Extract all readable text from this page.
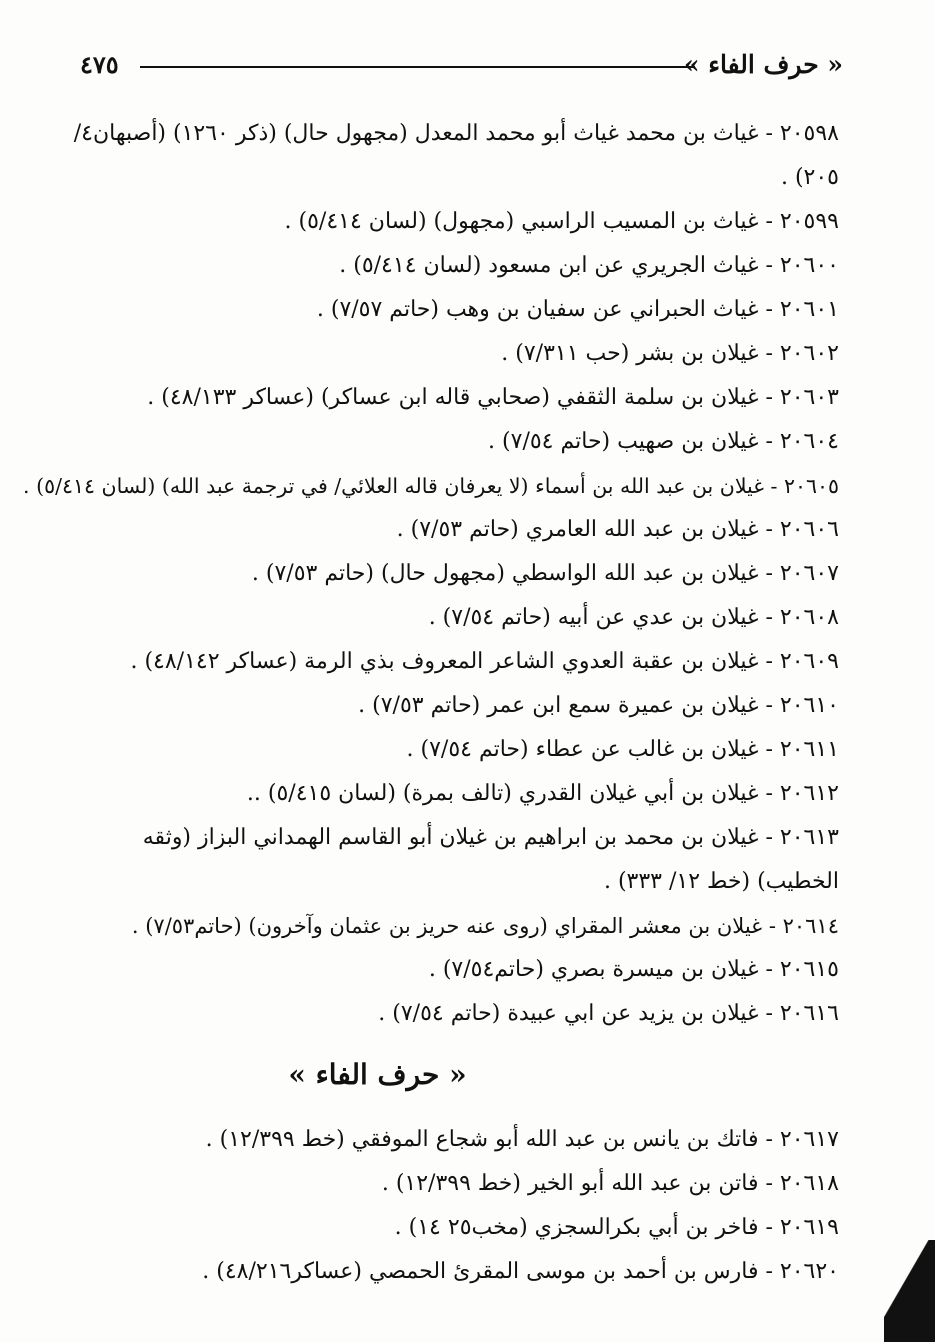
« حرف الفاء »
٤٧٥
٢٠٥٩٨ - غياث بن محمد غياث أبو محمد المعدل (مجهول حال) (ذكر ١٢٦٠) (أصبهان٤/ ٢٠٥) .
٢٠٥٩٩ - غياث بن المسيب الراسبي (مجهول) (لسان ٥/٤١٤) .
٢٠٦٠٠ - غياث الجريري عن ابن مسعود (لسان ٥/٤١٤) .
٢٠٦٠١ - غياث الحبراني عن سفيان بن وهب (حاتم ٧/٥٧) .
٢٠٦٠٢ - غيلان بن بشر (حب ٧/٣١١) .
٢٠٦٠٣ - غيلان بن سلمة الثقفي (صحابي قاله ابن عساكر) (عساكر ٤٨/١٣٣) .
٢٠٦٠٤ - غيلان بن صهيب (حاتم ٧/٥٤) .
٢٠٦٠٥ - غيلان بن عبد الله بن أسماء (لا يعرفان قاله العلائي/ في ترجمة عبد الله) (لسان ٥/٤١٤) .
٢٠٦٠٦ - غيلان بن عبد الله العامري (حاتم ٧/٥٣) .
٢٠٦٠٧ - غيلان بن عبد الله الواسطي (مجهول حال) (حاتم ٧/٥٣) .
٢٠٦٠٨ - غيلان بن عدي عن أبيه (حاتم ٧/٥٤) .
٢٠٦٠٩ - غيلان بن عقبة العدوي الشاعر المعروف بذي الرمة (عساكر ٤٨/١٤٢) .
٢٠٦١٠ - غيلان بن عميرة سمع ابن عمر (حاتم ٧/٥٣) .
٢٠٦١١ - غيلان بن غالب عن عطاء (حاتم ٧/٥٤) .
٢٠٦١٢ - غيلان بن أبي غيلان القدري (تالف بمرة) (لسان ٥/٤١٥) ..
٢٠٦١٣ - غيلان بن محمد بن ابراهيم بن غيلان أبو القاسم الهمداني البزاز (وثقه الخطيب) (خط ١٢/ ٣٣٣) .
٢٠٦١٤ - غيلان بن معشر المقراي (روى عنه حريز بن عثمان وآخرون) (حاتم٧/٥٣) .
٢٠٦١٥ - غيلان بن ميسرة بصري (حاتم٧/٥٤) .
٢٠٦١٦ - غيلان بن يزيد عن ابي عبيدة (حاتم ٧/٥٤) .
« حرف الفاء »
٢٠٦١٧ - فاتك بن يانس بن عبد الله أبو شجاع الموفقي (خط ١٢/٣٩٩) .
٢٠٦١٨ - فاتن بن عبد الله أبو الخير (خط ١٢/٣٩٩) .
٢٠٦١٩ - فاخر بن أبي بكرالسجزي (مخب٢٥ ١٤) .
٢٠٦٢٠ - فارس بن أحمد بن موسى المقرئ الحمصي (عساكر٤٨/٢١٦) .
